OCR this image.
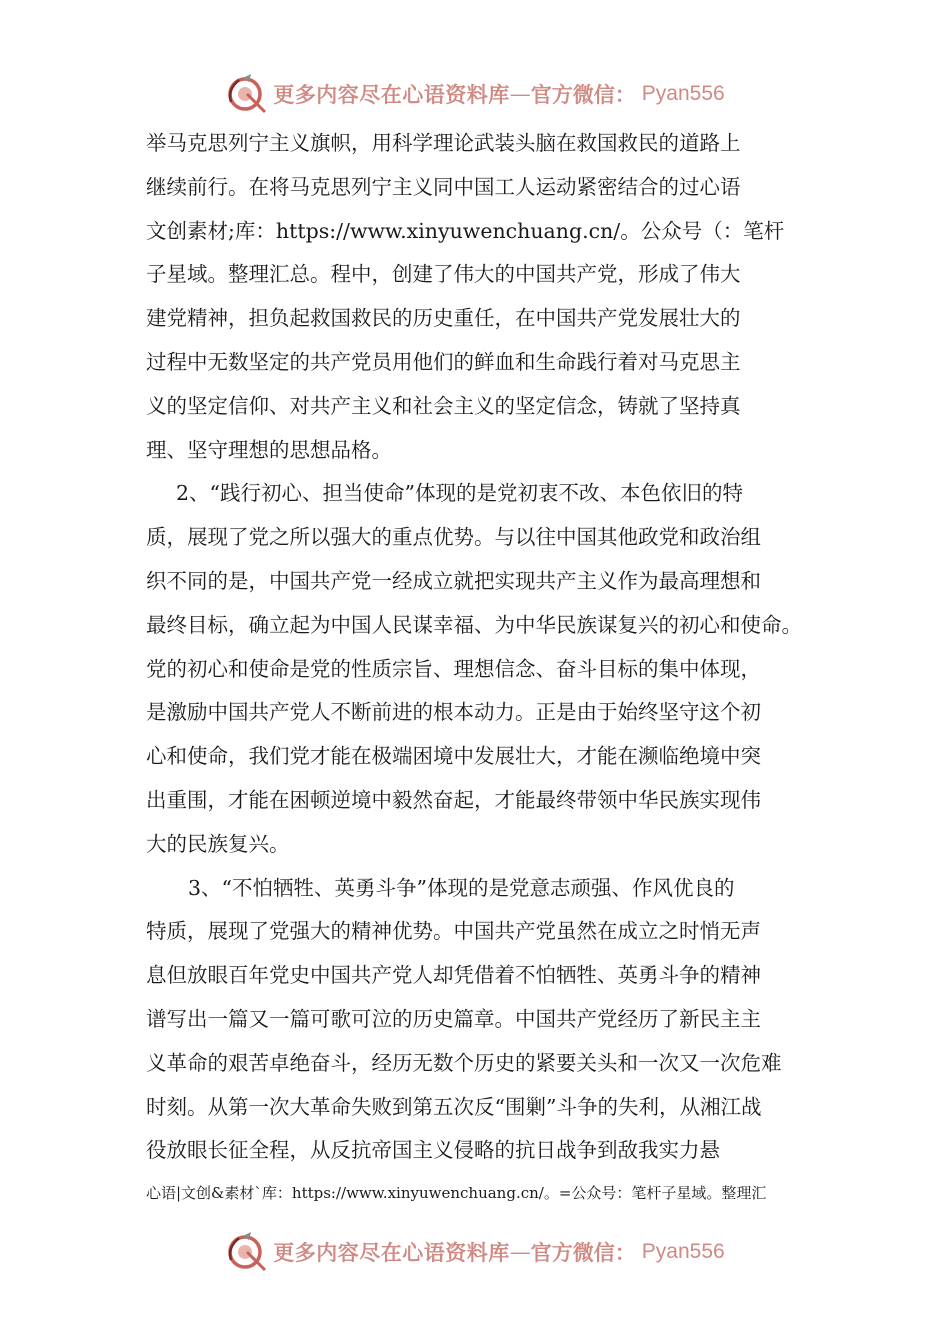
更多内容尽在心语资料库 — 官方微信： Pyan556

举马克思列宁主义旗帜，用科学理论武装头脑在救国救民的道路上
继续前行。在将马克思列宁主义同中国工人运动紧密结合的过心语
文创素材;库：https://www.xinyuwenchuang.cn/。公众号（：笔杆
子星域。整理汇总。程中，创建了伟大的中国共产党，形成了伟大
建党精神，担负起救国救民的历史重任，在中国共产党发展壮大的
过程中无数坚定的共产党员用他们的鲜血和生命践行着对马克思主
义的坚定信仰、对共产主义和社会主义的坚定信念，铸就了坚持真
理、坚守理想的思想品格。

2、“践行初心、担当使命”体现的是党初衷不改、本色依旧的特
质，展现了党之所以强大的重点优势。与以往中国其他政党和政治组
织不同的是，中国共产党一经成立就把实现共产主义作为最高理想和
最终目标，确立起为中国人民谋幸福、为中华民族谋复兴的初心和使命。
党的初心和使命是党的性质宗旨、理想信念、奋斗目标的集中体现，
是激励中国共产党人不断前进的根本动力。正是由于始终坚守这个初
心和使命，我们党才能在极端困境中发展壮大，才能在濒临绝境中突
出重围，才能在困顿逆境中毅然奋起，才能最终带领中华民族实现伟
大的民族复兴。

3、“不怕牺牲、英勇斗争”体现的是党意志顽强、作风优良的
特质，展现了党强大的精神优势。中国共产党虽然在成立之时悄无声
息但放眼百年党史中国共产党人却凭借着不怕牺牲、英勇斗争的精神
谱写出一篇又一篇可歌可泣的历史篇章。中国共产党经历了新民主主
义革命的艰苦卓绝奋斗，经历无数个历史的紧要关头和一次又一次危难
时刻。从第一次大革命失败到第五次反“围剿”斗争的失利，从湘江战
役放眼长征全程，从反抗帝国主义侵略的抗日战争到敌我实力悬

心语|文创&素材`库：https://www.xinyuwenchuang.cn/。=公众号：笔杆子星域。整理汇
更多内容尽在心语资料库 — 官方微信： Pyan556
